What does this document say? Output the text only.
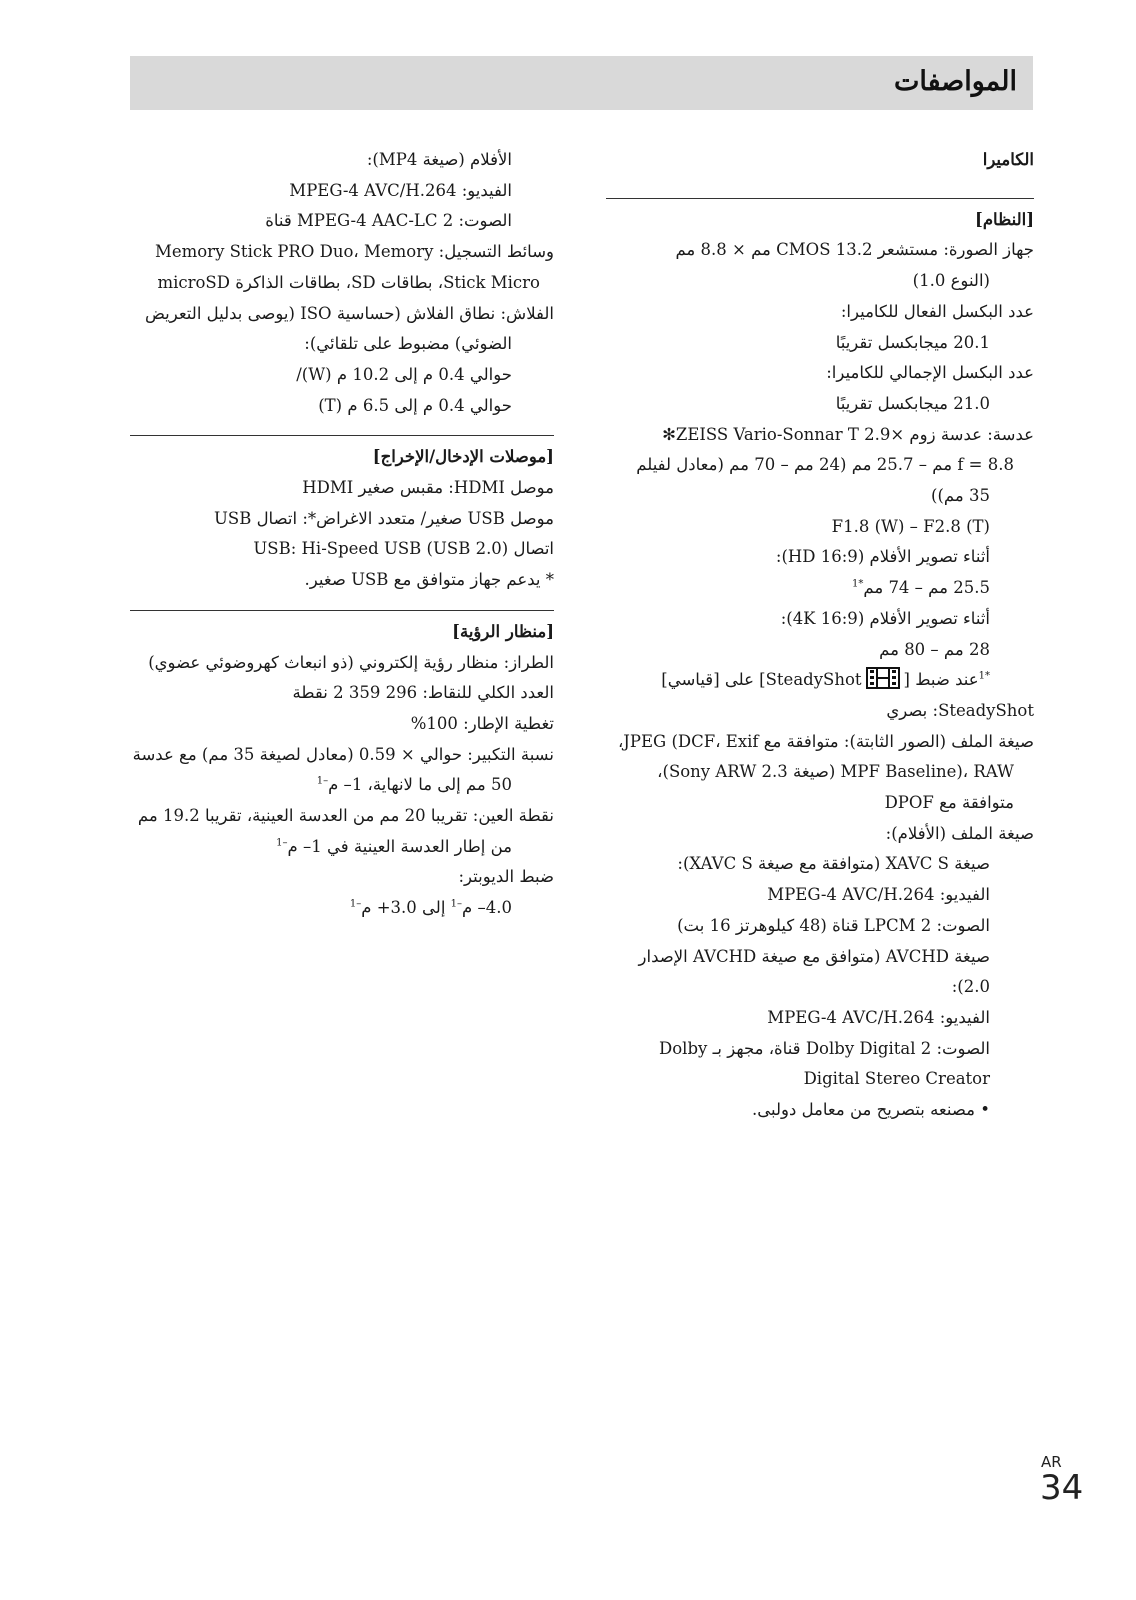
المواصفات

الكاميرا

[النظام]

جهاز الصورة: مستشعر 13.2 CMOS مم × 8.8 مم

(النوع 1.0)

عدد البكسل الفعال للكاميرا:

20.1 ميجابكسل تقريبًا

عدد البكسل الإجمالي للكاميرا:

21.0 ميجابكسل تقريبًا

عدسة: عدسة زوم ×2.9 ZEISS Vario-Sonnar T✻

f = 8.8 مم – 25.7 مم (24 مم – 70 مم (معادل لفيلم

35 مم))

F1.8 (W) – F2.8 (T)

أثناء تصوير الأفلام (HD 16:9):

25.5 مم – 74 مم$^{*1}$

أثناء تصوير الأفلام (4K 16:9):

28 مم – 80 مم

$^{*1}$عند ضبط [SteadyShot] على [قياسي]

SteadyShot: بصري

صيغة الملف (الصور الثابتة): متوافقة مع JPEG (DCF، Exif،

MPF Baseline)، RAW (صيغة Sony ARW 2.3)،

متوافقة مع DPOF

صيغة الملف (الأفلام):

صيغة XAVC S (متوافقة مع صيغة XAVC S):

الفيديو: MPEG-4 AVC/H.264

الصوت: LPCM 2 قناة (48 كيلوهرتز 16 بت)

صيغة AVCHD (متوافق مع صيغة AVCHD الإصدار

2.0):

الفيديو: MPEG-4 AVC/H.264

الصوت: Dolby Digital 2 قناة، مجهز بـ Dolby

Digital Stereo Creator

• مصنعه بتصريح من معامل دولبى.

الأفلام (صيغة MP4):

الفيديو: MPEG-4 AVC/H.264

الصوت: MPEG-4 AAC-LC 2 قناة

وسائط التسجيل: Memory Stick PRO Duo، Memory

Stick Micro، بطاقات SD، بطاقات الذاكرة microSD

الفلاش: نطاق الفلاش (حساسية ISO (يوصى بدليل التعريض

الضوئي) مضبوط على تلقائي):

حوالي 0.4 م إلى 10.2 م (W)/

حوالي 0.4 م إلى 6.5 م (T)

[موصلات الإدخال/الإخراج]

موصل HDMI: مقبس صغير HDMI

موصل USB صغير/ متعدد الاغراض*: اتصال USB

اتصال USB: Hi-Speed USB (USB 2.0)

* يدعم جهاز متوافق مع USB صغير.

[منظار الرؤية]

الطراز: منظار رؤية إلكتروني (ذو انبعاث كهروضوئي عضوي)

العدد الكلي للنقاط: 296 359 2 نقطة

تغطية الإطار: 100%

نسبة التكبير: حوالي × 0.59 (معادل لصيغة 35 مم) مع عدسة

50 مم إلى ما لانهاية، 1– م$^{-1}$

نقطة العين: تقريبا 20 مم من العدسة العينية، تقريبا 19.2 مم

من إطار العدسة العينية في 1– م$^{-1}$

ضبط الديوبتر:

4.0– م$^{-1}$ إلى 3.0+ م$^{-1}$

AR

34
